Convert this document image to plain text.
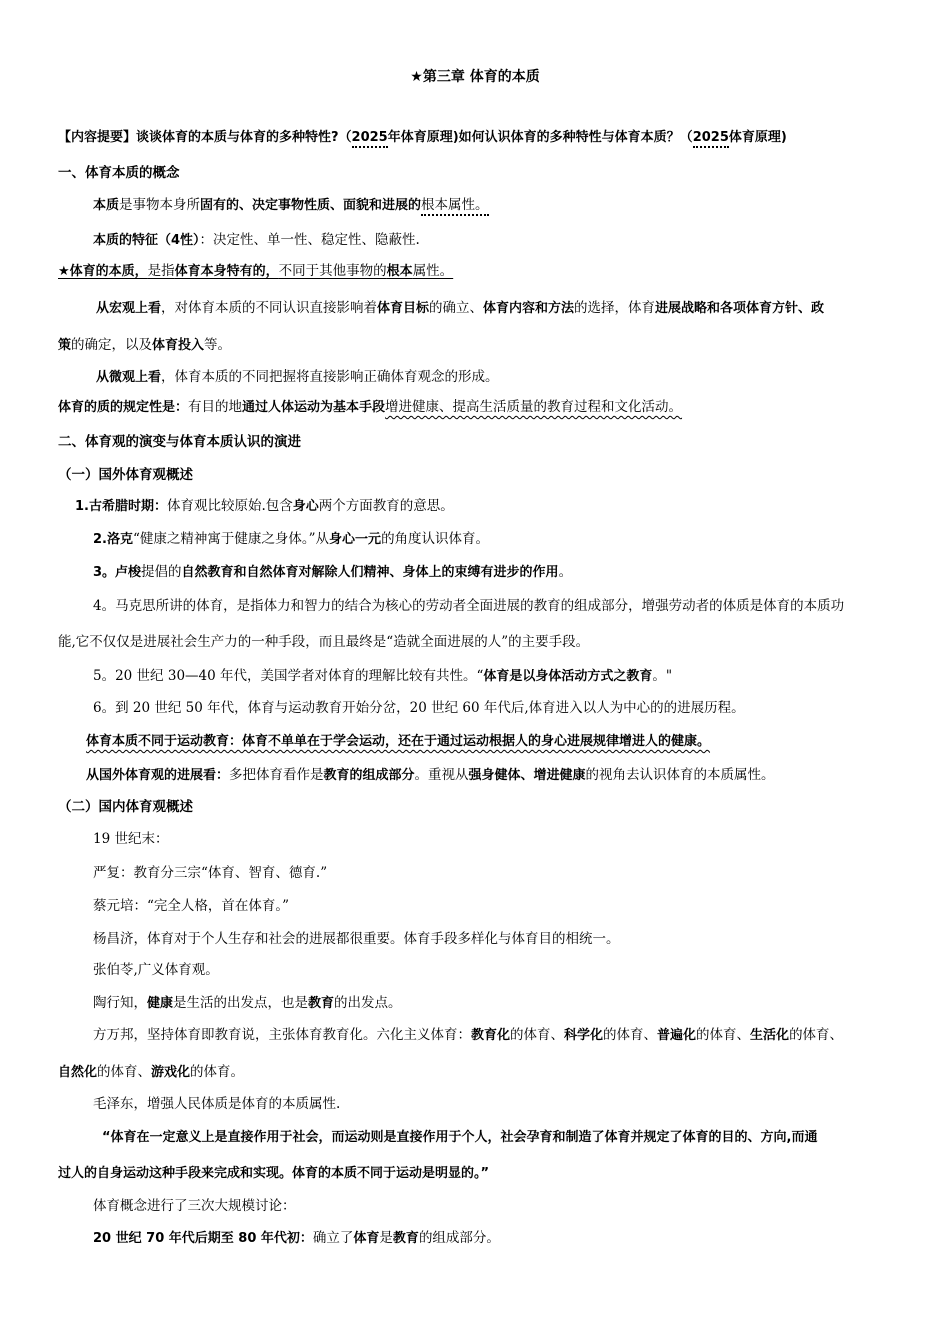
★第三章 体育的本质
【内容提要】谈谈体育的本质与体育的多种特性?（2025年体育原理)如何认识体育的多种特性与体育本质？（2025体育原理)
一、体育本质的概念
本质是事物本身所固有的、决定事物性质、面貌和进展的根本属性。
本质的特征（4性）：决定性、单一性、稳定性、隐蔽性.
★体育的本质，是指体育本身特有的，不同于其他事物的根本属性。
从宏观上看，对体育本质的不同认识直接影响着体育目标的确立、体育内容和方法的选择，体育进展战略和各项体育方针、政
策的确定，以及体育投入等。
从微观上看，体育本质的不同把握将直接影响正确体育观念的形成。
体育的质的规定性是：有目的地通过人体运动为基本手段增进健康、提高生活质量的教育过程和文化活动。
二、体育观的演变与体育本质认识的演进
（一）国外体育观概述
1.古希腊时期：体育观比较原始.包含身心两个方面教育的意思。
2.洛克“健康之精神寓于健康之身体。”从身心一元的角度认识体育。
3。卢梭提倡的自然教育和自然体育对解除人们精神、身体上的束缚有进步的作用。
4。马克思所讲的体育，是指体力和智力的结合为核心的劳动者全面进展的教育的组成部分，增强劳动者的体质是体育的本质功
能,它不仅仅是进展社会生产力的一种手段，而且最终是“造就全面进展的人”的主要手段。
5。20 世纪 30—40 年代，美国学者对体育的理解比较有共性。“体育是以身体活动方式之教育。"
6。到 20 世纪 50 年代，体育与运动教育开始分岔，20 世纪 60 年代后,体育进入以人为中心的的进展历程。
体育本质不同于运动教育：体育不单单在于学会运动，还在于通过运动根据人的身心进展规律增进人的健康。
从国外体育观的进展看：多把体育看作是教育的组成部分。重视从强身健体、增进健康的视角去认识体育的本质属性。
（二）国内体育观概述
19 世纪末：
严复：教育分三宗“体育、智育、德育.”
蔡元培：“完全人格，首在体育。”
杨昌济，体育对于个人生存和社会的进展都很重要。体育手段多样化与体育目的相统一。
张伯苓,广义体育观。
陶行知，健康是生活的出发点，也是教育的出发点。
方万邦，坚持体育即教育说，主张体育教育化。六化主义体育：教育化的体育、科学化的体育、普遍化的体育、生活化的体育、
自然化的体育、游戏化的体育。
毛泽东，增强人民体质是体育的本质属性.
“体育在一定意义上是直接作用于社会，而运动则是直接作用于个人，社会孕育和制造了体育并规定了体育的目的、方向,而通
过人的自身运动这种手段来完成和实现。体育的本质不同于运动是明显的。”
体育概念进行了三次大规模讨论：
20 世纪 70 年代后期至 80 年代初：确立了体育是教育的组成部分。
